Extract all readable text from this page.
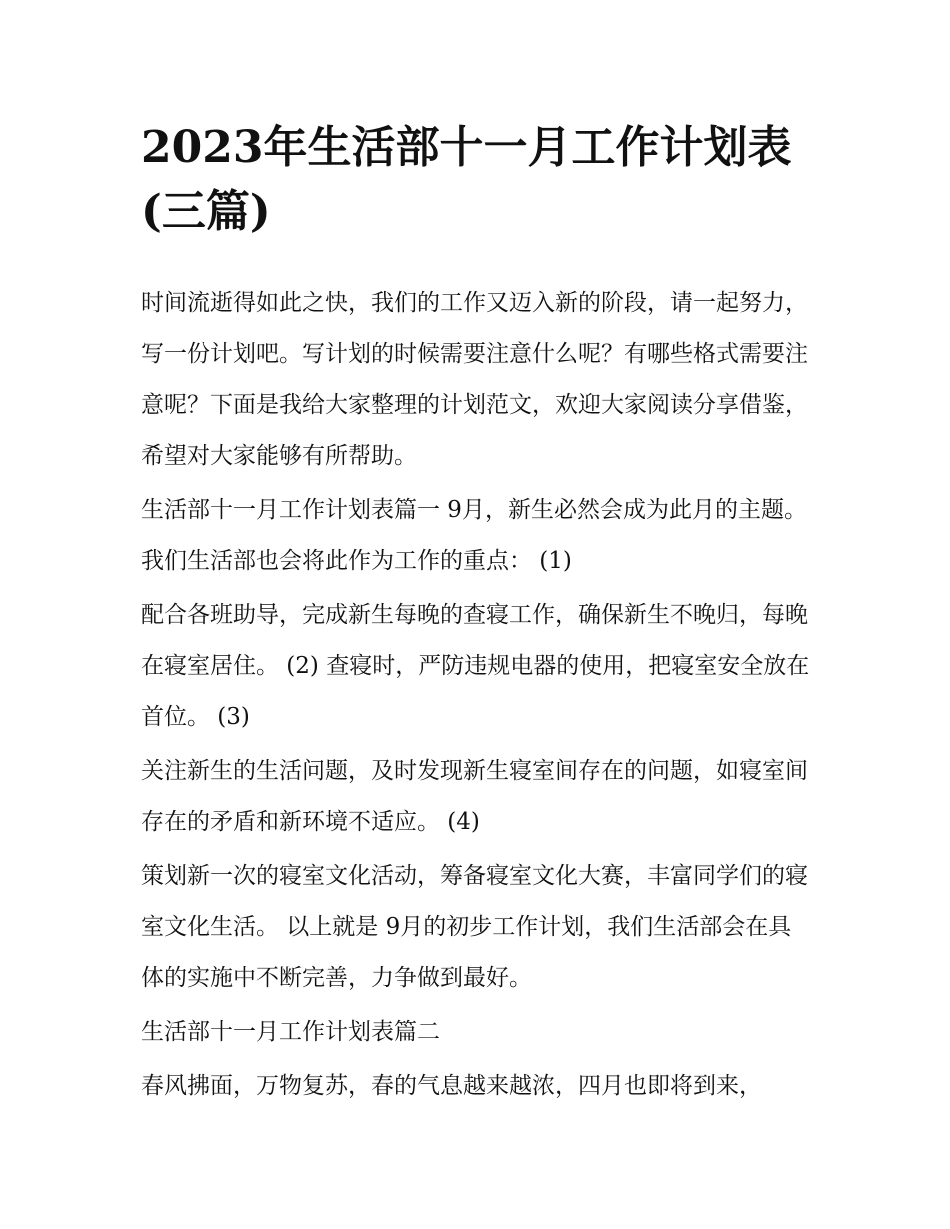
2023年生活部十一月工作计划表(三篇)

时间流逝得如此之快，我们的工作又迈入新的阶段，请一起努力，写一份计划吧。写计划的时候需要注意什么呢？有哪些格式需要注意呢？下面是我给大家整理的计划范文，欢迎大家阅读分享借鉴，希望对大家能够有所帮助。

生活部十一月工作计划表篇一 9月，新生必然会成为此月的主题。我们生活部也会将此作为工作的重点： (1)

配合各班助导，完成新生每晚的查寝工作，确保新生不晚归，每晚在寝室居住。 (2) 查寝时，严防违规电器的使用，把寝室安全放在首位。 (3)

关注新生的生活问题，及时发现新生寝室间存在的问题，如寝室间存在的矛盾和新环境不适应。 (4)

策划新一次的寝室文化活动，筹备寝室文化大赛，丰富同学们的寝室文化生活。 以上就是 9月的初步工作计划，我们生活部会在具体的实施中不断完善，力争做到最好。

生活部十一月工作计划表篇二

春风拂面，万物复苏，春的气息越来越浓，四月也即将到来，
